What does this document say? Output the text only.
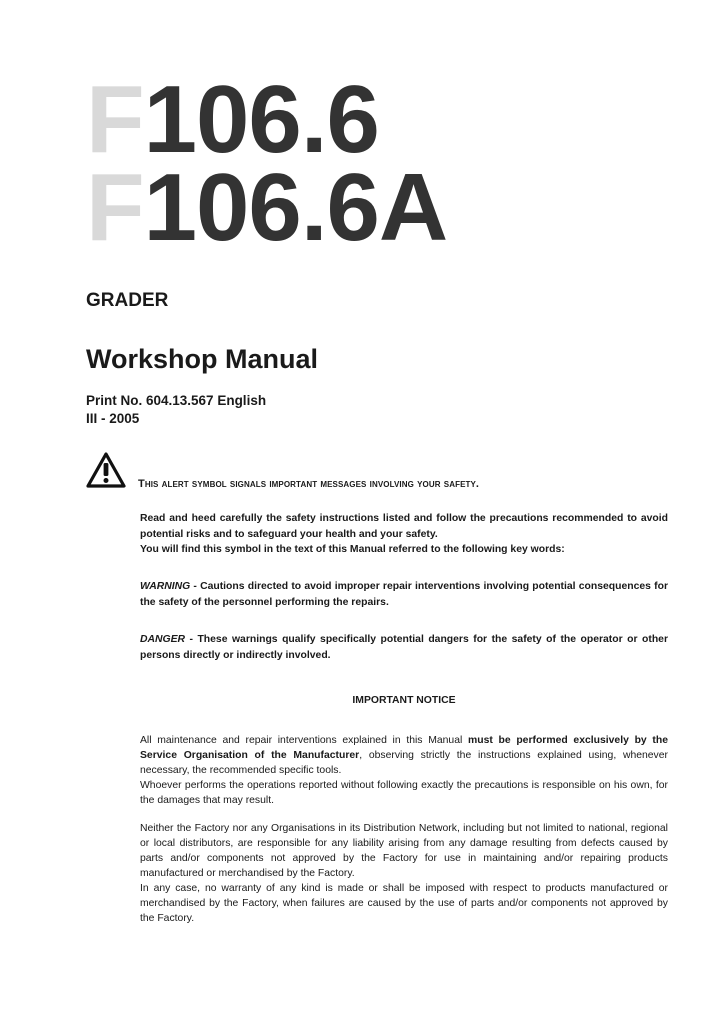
F106.6
F106.6A
GRADER
Workshop Manual
Print No. 604.13.567 English
III - 2005
This alert symbol signals important messages involving your safety.

Read and heed carefully the safety instructions listed and follow the precautions recommended to avoid potential risks and to safeguard your health and your safety.

You will find this symbol in the text of this Manual referred to the following key words:

WARNING - Cautions directed to avoid improper repair interventions involving potential consequences for the safety of the personnel performing the repairs.
DANGER - These warnings qualify specifically potential dangers for the safety of the operator or other persons directly or indirectly involved.
IMPORTANT NOTICE

All maintenance and repair interventions explained in this Manual must be performed exclusively by the Service Organisation of the Manufacturer, observing strictly the instructions explained using, whenever necessary, the recommended specific tools.

Whoever performs the operations reported without following exactly the precautions is responsible on his own, for the damages that may result.

Neither the Factory nor any Organisations in its Distribution Network, including but not limited to national, regional or local distributors, are responsible for any liability arising from any damage resulting from defects caused by parts and/or components not approved by the Factory for use in maintaining and/or repairing products manufactured or merchandised by the Factory.

In any case, no warranty of any kind is made or shall be imposed with respect to products manufactured or merchandised by the Factory, when failures are caused by the use of parts and/or components not approved by the Factory.
